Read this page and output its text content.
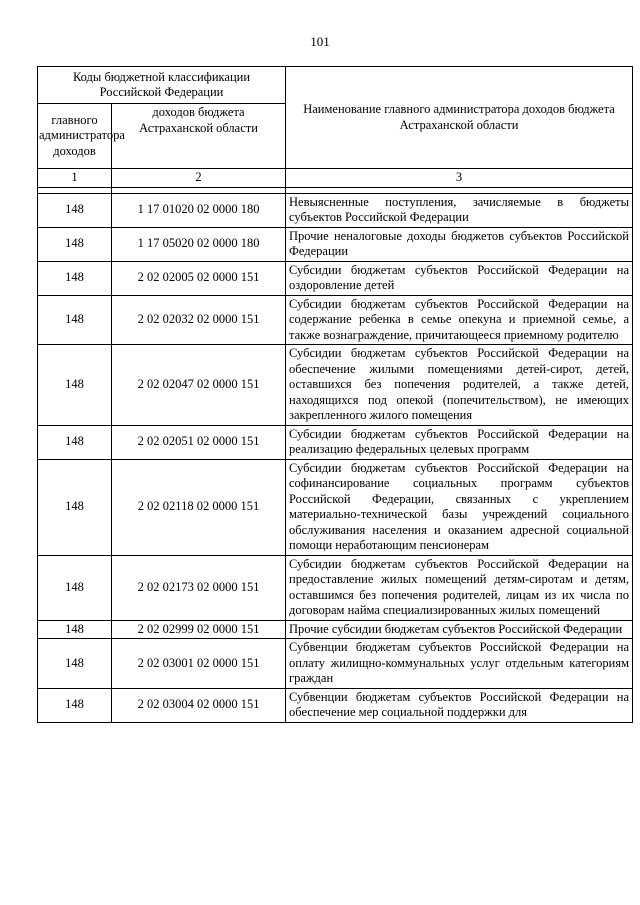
101
Коды бюджетной классификации Российской Федерации		Наименование главного администратора доходов бюджета Астраханской области
главного администратора доходов	доходов бюджета Астраханской области	
1	2	3

148	1 17 01020 02 0000 180	Невыясненные поступления, зачисляемые в бюджеты субъектов Российской Федерации
148	1 17 05020 02 0000 180	Прочие неналоговые доходы бюджетов субъектов Российской Федерации
148	2 02 02005 02 0000 151	Субсидии бюджетам субъектов Российской Федерации на оздоровление детей
148	2 02 02032 02 0000 151	Субсидии бюджетам субъектов Российской Федерации на содержание ребенка в семье опекуна и приемной семье, а также вознаграждение, причитающееся приемному родителю
148	2 02 02047 02 0000 151	Субсидии бюджетам субъектов Российской Федерации на обеспечение жилыми помещениями детей-сирот, детей, оставшихся без попечения родителей, а также детей, находящихся под опекой (попечительством), не имеющих закрепленного жилого помещения
148	2 02 02051 02 0000 151	Субсидии бюджетам субъектов Российской Федерации на реализацию федеральных целевых программ
148	2 02 02118 02 0000 151	Субсидии бюджетам субъектов Российской Федерации на софинансирование социальных программ субъектов Российской Федерации, связанных с укреплением материально-технической базы учреждений социального обслуживания населения и оказанием адресной социальной помощи неработающим пенсионерам
148	2 02 02173 02 0000 151	Субсидии бюджетам субъектов Российской Федерации на предоставление жилых помещений детям-сиротам и детям, оставшимся без попечения родителей, лицам из их числа по договорам найма специализированных жилых помещений
148	2 02 02999 02 0000 151	Прочие субсидии бюджетам субъектов Российской Федерации
148	2 02 03001 02 0000 151	Субвенции бюджетам субъектов Российской Федерации на оплату жилищно-коммунальных услуг отдельным категориям граждан
148	2 02 03004 02 0000 151	Субвенции бюджетам субъектов Российской Федерации на обеспечение мер социальной поддержки для
